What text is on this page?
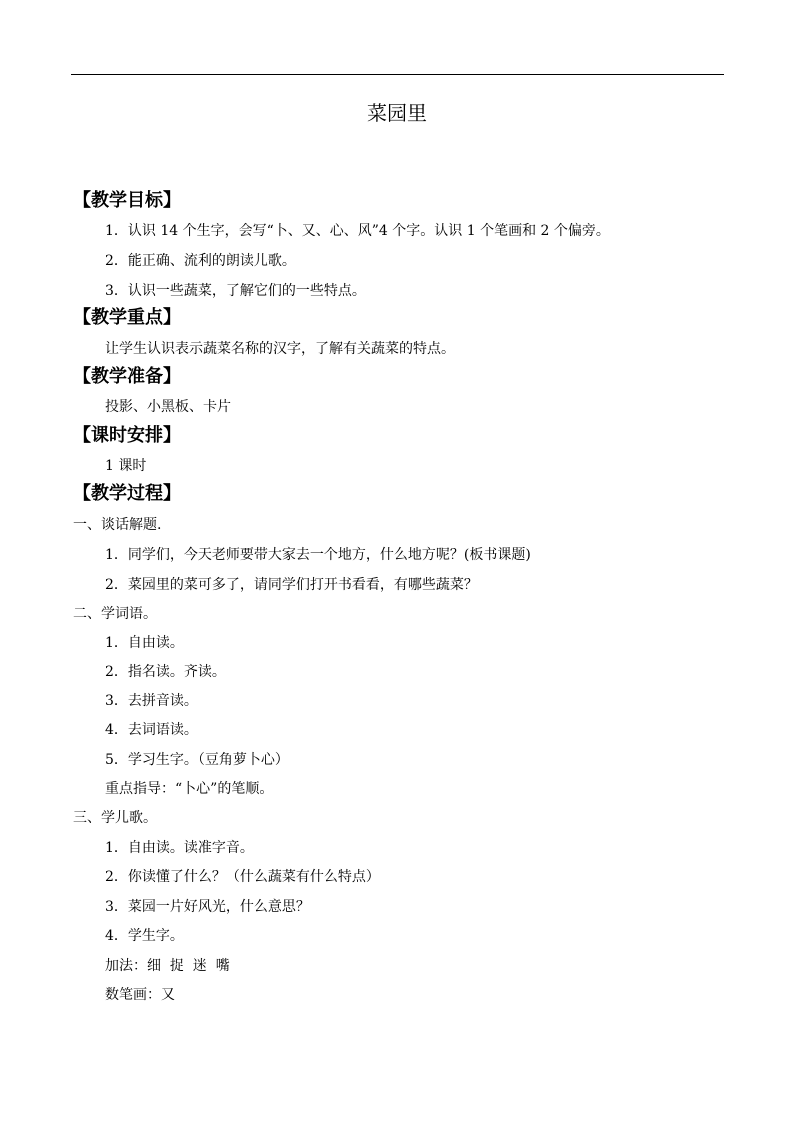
菜园里
【教学目标】
1．认识 14 个生字，会写“卜、又、心、风”4 个字。认识 1 个笔画和 2 个偏旁。
2．能正确、流利的朗读儿歌。
3．认识一些蔬菜，了解它们的一些特点。
【教学重点】
让学生认识表示蔬菜名称的汉字，了解有关蔬菜的特点。
【教学准备】
投影、小黑板、卡片
【课时安排】
1 课时
【教学过程】
一、谈话解题.
1．同学们，今天老师要带大家去一个地方，什么地方呢？(板书课题)
2．菜园里的菜可多了，请同学们打开书看看，有哪些蔬菜？
二、学词语。
1．自由读。
2．指名读。齐读。
3．去拼音读。
4．去词语读。
5．学习生字。（豆角萝卜心）
重点指导：“卜心”的笔顺。
三、学儿歌。
1．自由读。读准字音。
2．你读懂了什么？（什么蔬菜有什么特点）
3．菜园一片好风光，什么意思？
4．学生字。
加法：细  捉  迷  嘴
数笔画：又
